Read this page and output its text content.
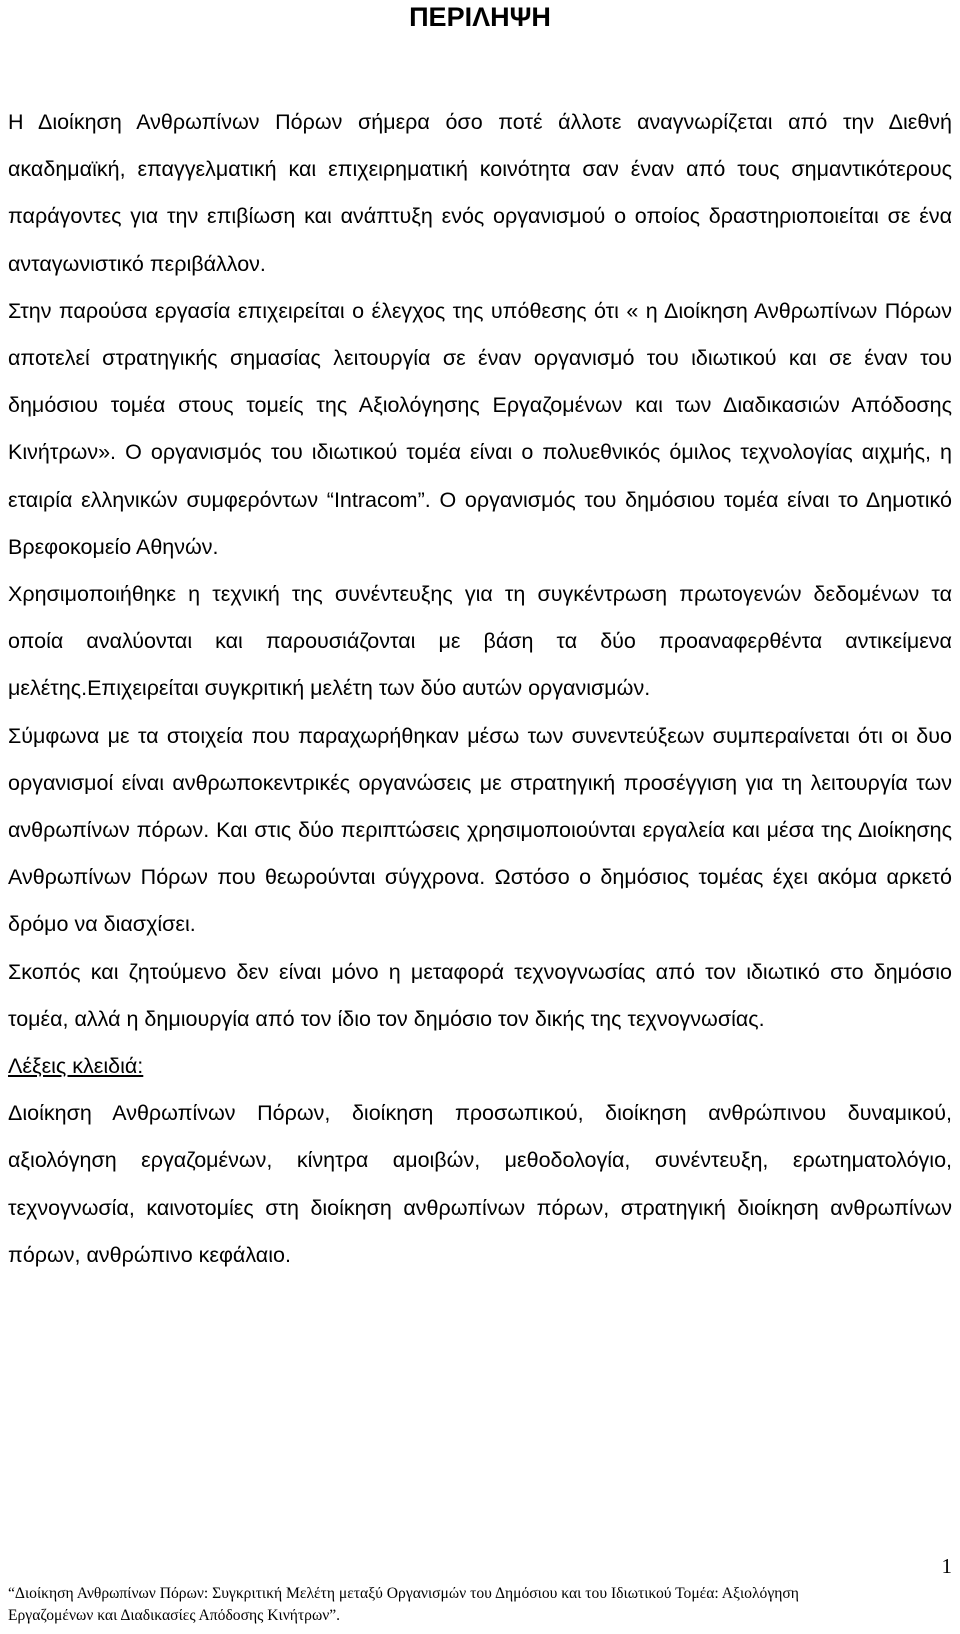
ΠΕΡΙΛΗΨΗ

Η Διοίκηση Ανθρωπίνων Πόρων σήμερα όσο ποτέ άλλοτε αναγνωρίζεται από την Διεθνή ακαδημαϊκή, επαγγελματική και επιχειρηματική κοινότητα σαν έναν από τους σημαντικότερους παράγοντες για την επιβίωση και ανάπτυξη ενός οργανισμού ο οποίος δραστηριοποιείται σε ένα ανταγωνιστικό περιβάλλον.

Στην παρούσα εργασία επιχειρείται ο έλεγχος της υπόθεσης ότι « η Διοίκηση Ανθρωπίνων Πόρων αποτελεί στρατηγικής σημασίας λειτουργία σε έναν οργανισμό του ιδιωτικού και σε έναν του δημόσιου τομέα στους τομείς της Αξιολόγησης Εργαζομένων και των Διαδικασιών Απόδοσης Κινήτρων». Ο οργανισμός του ιδιωτικού τομέα είναι ο πολυεθνικός όμιλος τεχνολογίας αιχμής, η εταιρία ελληνικών συμφερόντων “Intracom”. Ο οργανισμός του δημόσιου τομέα είναι το Δημοτικό Βρεφοκομείο Αθηνών.

Χρησιμοποιήθηκε η τεχνική της συνέντευξης για τη συγκέντρωση πρωτογενών δεδομένων τα οποία αναλύονται και παρουσιάζονται με βάση τα δύο προαναφερθέντα αντικείμενα μελέτης.Επιχειρείται συγκριτική μελέτη των δύο αυτών οργανισμών.

Σύμφωνα με τα στοιχεία που παραχωρήθηκαν μέσω των συνεντεύξεων συμπεραίνεται ότι οι δυο οργανισμοί είναι ανθρωποκεντρικές οργανώσεις με στρατηγική προσέγγιση για τη λειτουργία των ανθρωπίνων πόρων. Και στις δύο περιπτώσεις χρησιμοποιούνται εργαλεία και μέσα της Διοίκησης Ανθρωπίνων Πόρων που θεωρούνται σύγχρονα. Ωστόσο ο δημόσιος τομέας έχει ακόμα αρκετό δρόμο να διασχίσει.

Σκοπός και ζητούμενο δεν είναι μόνο η μεταφορά τεχνογνωσίας από τον ιδιωτικό στο δημόσιο τομέα, αλλά η δημιουργία από τον ίδιο τον δημόσιο τον δικής της τεχνογνωσίας.

Λέξεις κλειδιά:

Διοίκηση Ανθρωπίνων Πόρων, διοίκηση προσωπικού, διοίκηση ανθρώπινου δυναμικού, αξιολόγηση εργαζομένων, κίνητρα αμοιβών, μεθοδολογία, συνέντευξη, ερωτηματολόγιο, τεχνογνωσία, καινοτομίες στη διοίκηση ανθρωπίνων πόρων, στρατηγική διοίκηση ανθρωπίνων πόρων, ανθρώπινο κεφάλαιο.

1
“Διοίκηση Ανθρωπίνων Πόρων: Συγκριτική Μελέτη μεταξύ Οργανισμών του Δημόσιου και του Ιδιωτικού Τομέα: Αξιολόγηση
Εργαζομένων και Διαδικασίες Απόδοσης Κινήτρων”.
